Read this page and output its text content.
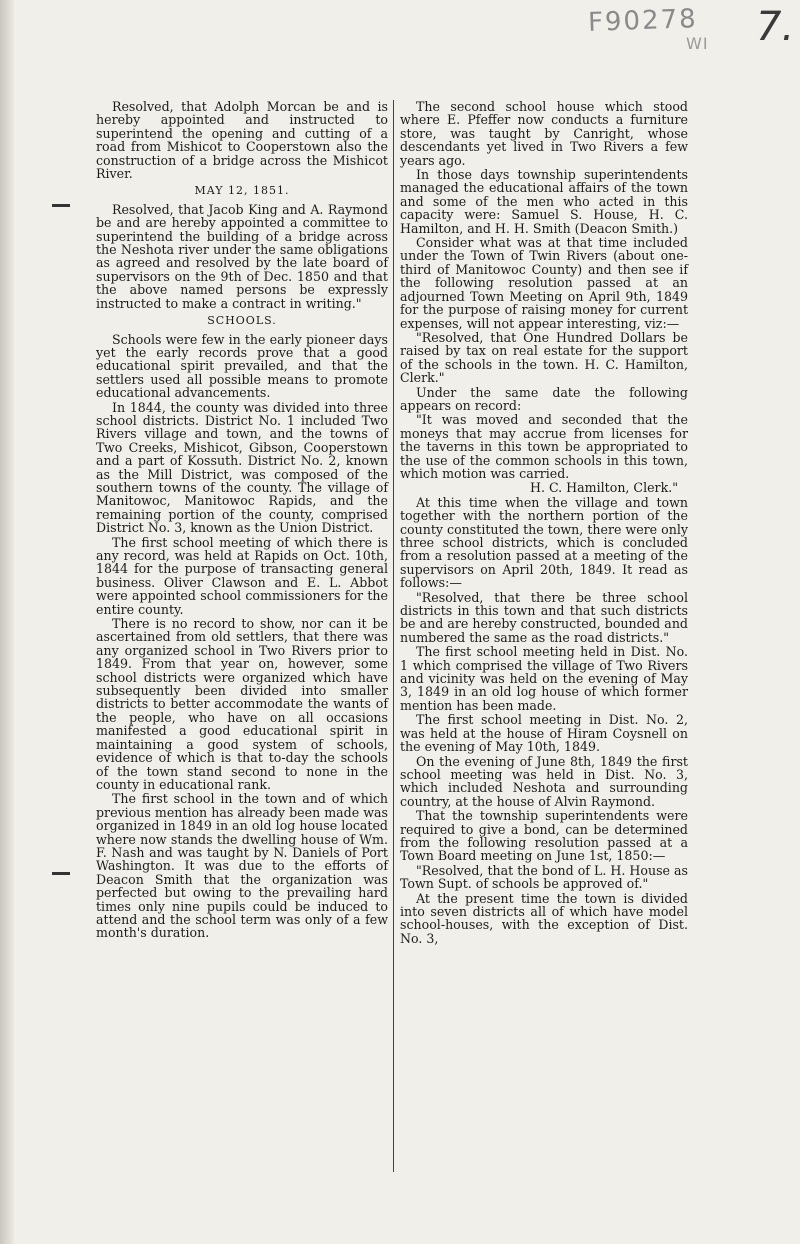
F90278
WI 7.

Resolved, that Adolph Morcan be and is hereby appointed and instructed to superintend the opening and cutting of a road from Mishicot to Cooperstown also the construction of a bridge across the Mishicot River.

MAY 12, 1851.

Resolved, that Jacob King and A. Raymond be and are hereby appointed a committee to superintend the building of a bridge across the Neshota river under the same obligations as agreed and resolved by the late board of supervisors on the 9th of Dec. 1850 and that the above named persons be expressly instructed to make a contract in writing."

SCHOOLS.

Schools were few in the early pioneer days yet the early records prove that a good educational spirit prevailed, and that the settlers used all possible means to promote educational advancements.

In 1844, the county was divided into three school districts. District No. 1 included Two Rivers village and town, and the towns of Two Creeks, Mishicot, Gibson, Cooperstown and a part of Kossuth. District No. 2, known as the Mill District, was composed of the southern towns of the county. The village of Manitowoc, Manitowoc Rapids, and the remaining portion of the county, comprised District No. 3, known as the Union District.

The first school meeting of which there is any record, was held at Rapids on Oct. 10th, 1844 for the purpose of transacting general business. Oliver Clawson and E. L. Abbot were appointed school commissioners for the entire county.

There is no record to show, nor can it be ascertained from old settlers, that there was any organized school in Two Rivers prior to 1849. From that year on, however, some school districts were organized which have subsequently been divided into smaller districts to better accommodate the wants of the people, who have on all occasions manifested a good educational spirit in maintaining a good system of schools, evidence of which is that to-day the schools of the town stand second to none in the county in educational rank.

The first school in the town and of which previous mention has already been made was organized in 1849 in an old log house located where now stands the dwelling house of Wm. F. Nash and was taught by N. Daniels of Port Washington. It was due to the efforts of Deacon Smith that the organization was perfected but owing to the prevailing hard times only nine pupils could be induced to attend and the school term was only of a few month's duration.

The second school house which stood where E. Pfeffer now conducts a furniture store, was taught by Canright, whose descendants yet lived in Two Rivers a few years ago.

In those days township superintendents managed the educational affairs of the town and some of the men who acted in this capacity were: Samuel S. House, H. C. Hamilton, and H. H. Smith (Deacon Smith.)

Consider what was at that time included under the Town of Twin Rivers (about one-third of Manitowoc County) and then see if the following resolution passed at an adjourned Town Meeting on April 9th, 1849 for the purpose of raising money for current expenses, will not appear interesting, viz:—

"Resolved, that One Hundred Dollars be raised by tax on real estate for the support of the schools in the town. H. C. Hamilton, Clerk."

Under the same date the following appears on record:

"It was moved and seconded that the moneys that may accrue from licenses for the taverns in this town be appropriated to the use of the common schools in this town, which motion was carried.

H. C. Hamilton, Clerk."

At this time when the village and town together with the northern portion of the county constituted the town, there were only three school districts, which is concluded from a resolution passed at a meeting of the supervisors on April 20th, 1849. It read as follows:—

"Resolved, that there be three school districts in this town and that such districts be and are hereby constructed, bounded and numbered the same as the road districts."

The first school meeting held in Dist. No. 1 which comprised the village of Two Rivers and vicinity was held on the evening of May 3, 1849 in an old log house of which former mention has been made.

The first school meeting in Dist. No. 2, was held at the house of Hiram Coysnell on the evening of May 10th, 1849.

On the evening of June 8th, 1849 the first school meeting was held in Dist. No. 3, which included Neshota and surrounding country, at the house of Alvin Raymond.

That the township superintendents were required to give a bond, can be determined from the following resolution passed at a Town Board meeting on June 1st, 1850:—

"Resolved, that the bond of L. H. House as Town Supt. of schools be approved of."

At the present time the town is divided into seven districts all of which have model school-houses, with the exception of Dist. No. 3,
